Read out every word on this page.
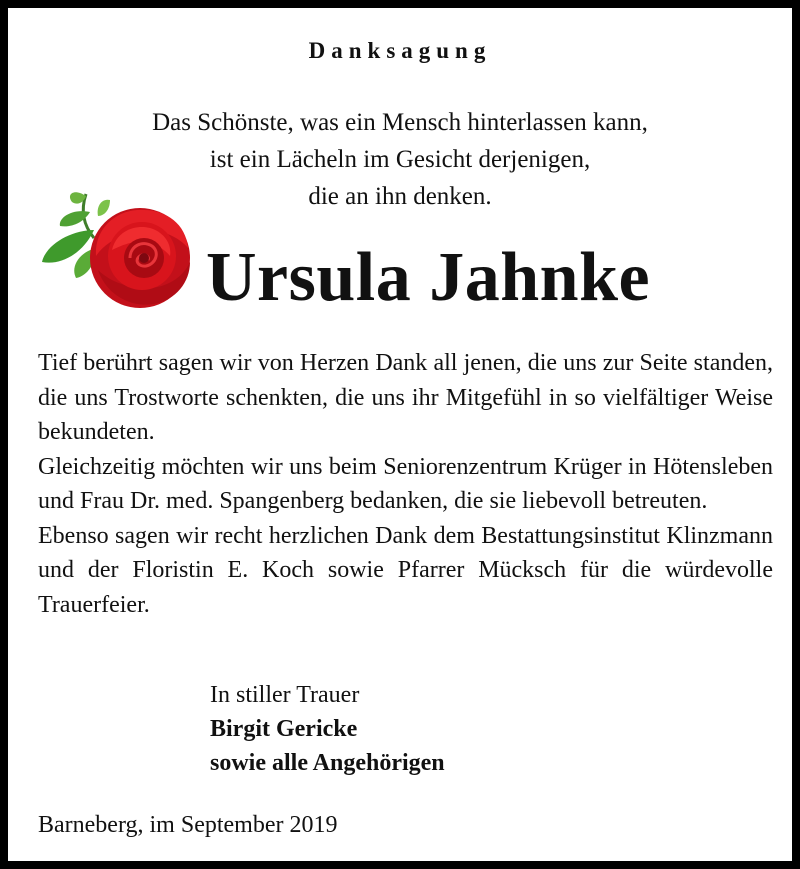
Danksagung
Das Schönste, was ein Mensch hinterlassen kann,
ist ein Lächeln im Gesicht derjenigen,
die an ihn denken.
Ursula Jahnke

Tief berührt sagen wir von Herzen Dank all jenen, die uns zur Seite standen, die uns Trostworte schenkten, die uns ihr Mitgefühl in so vielfältiger Weise bekundeten.

Gleichzeitig möchten wir uns beim Seniorenzentrum Krüger in Hötensleben und Frau Dr. med. Spangenberg bedanken, die sie liebevoll betreuten.

Ebenso sagen wir recht herzlichen Dank dem Bestattungsinstitut Klinzmann und der Floristin E. Koch sowie Pfarrer Mücksch für die würdevolle Trauerfeier.

In stiller Trauer
Birgit Gericke
sowie alle Angehörigen
Barneberg, im September 2019
